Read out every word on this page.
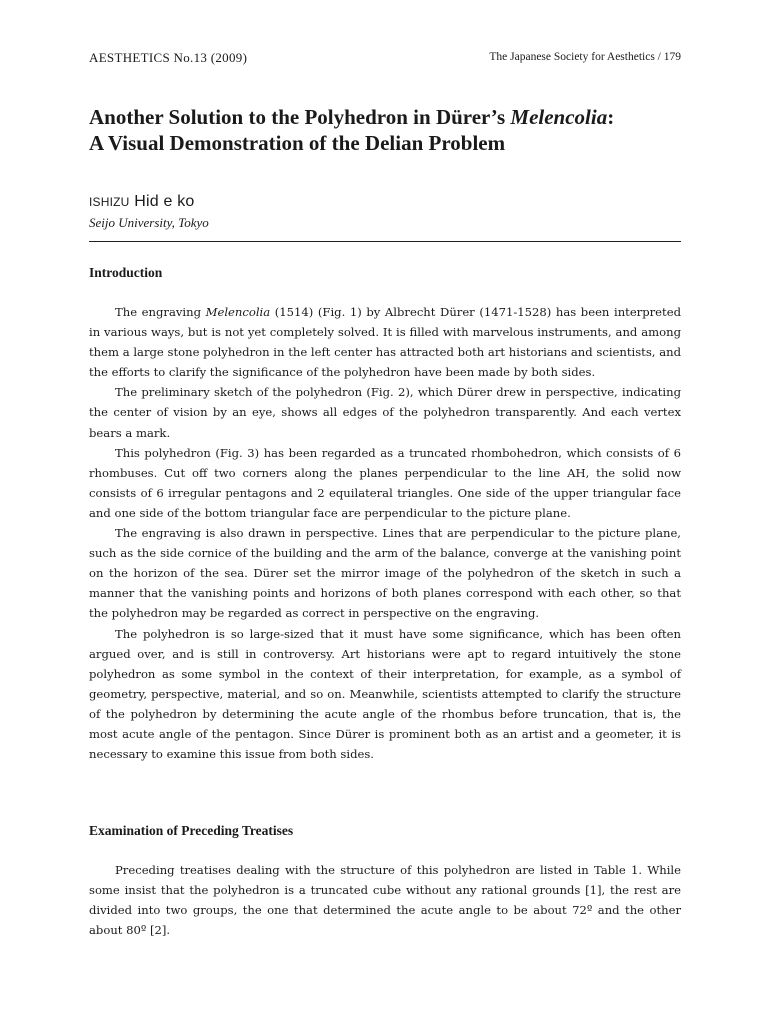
AESTHETICS No.13 (2009)	The Japanese Society for Aesthetics / 179
Another Solution to the Polyhedron in Dürer’s Melencolia:
A Visual Demonstration of the Delian Problem
ISHIZU Hid e ko
Seijo University, Tokyo
Introduction

The engraving Melencolia (1514) (Fig. 1) by Albrecht Dürer (1471-1528) has been interpreted in various ways, but is not yet completely solved. It is filled with marvelous instruments, and among them a large stone polyhedron in the left center has attracted both art historians and scientists, and the efforts to clarify the significance of the polyhedron have been made by both sides.

The preliminary sketch of the polyhedron (Fig. 2), which Dürer drew in perspective, indicating the center of vision by an eye, shows all edges of the polyhedron transparently. And each vertex bears a mark.

This polyhedron (Fig. 3) has been regarded as a truncated rhombohedron, which consists of 6 rhombuses. Cut off two corners along the planes perpendicular to the line AH, the solid now consists of 6 irregular pentagons and 2 equilateral triangles. One side of the upper triangular face and one side of the bottom triangular face are perpendicular to the picture plane.

The engraving is also drawn in perspective. Lines that are perpendicular to the picture plane, such as the side cornice of the building and the arm of the balance, converge at the vanishing point on the horizon of the sea. Dürer set the mirror image of the polyhedron of the sketch in such a manner that the vanishing points and horizons of both planes correspond with each other, so that the polyhedron may be regarded as correct in perspective on the engraving.

The polyhedron is so large-sized that it must have some significance, which has been often argued over, and is still in controversy. Art historians were apt to regard intuitively the stone polyhedron as some symbol in the context of their interpretation, for example, as a symbol of geometry, perspective, material, and so on. Meanwhile, scientists attempted to clarify the structure of the polyhedron by determining the acute angle of the rhombus before truncation, that is, the most acute angle of the pentagon. Since Dürer is prominent both as an artist and a geometer, it is necessary to examine this issue from both sides.

Examination of Preceding Treatises

Preceding treatises dealing with the structure of this polyhedron are listed in Table 1. While some insist that the polyhedron is a truncated cube without any rational grounds [1], the rest are divided into two groups, the one that determined the acute angle to be about 72º and the other about 80º [2].
